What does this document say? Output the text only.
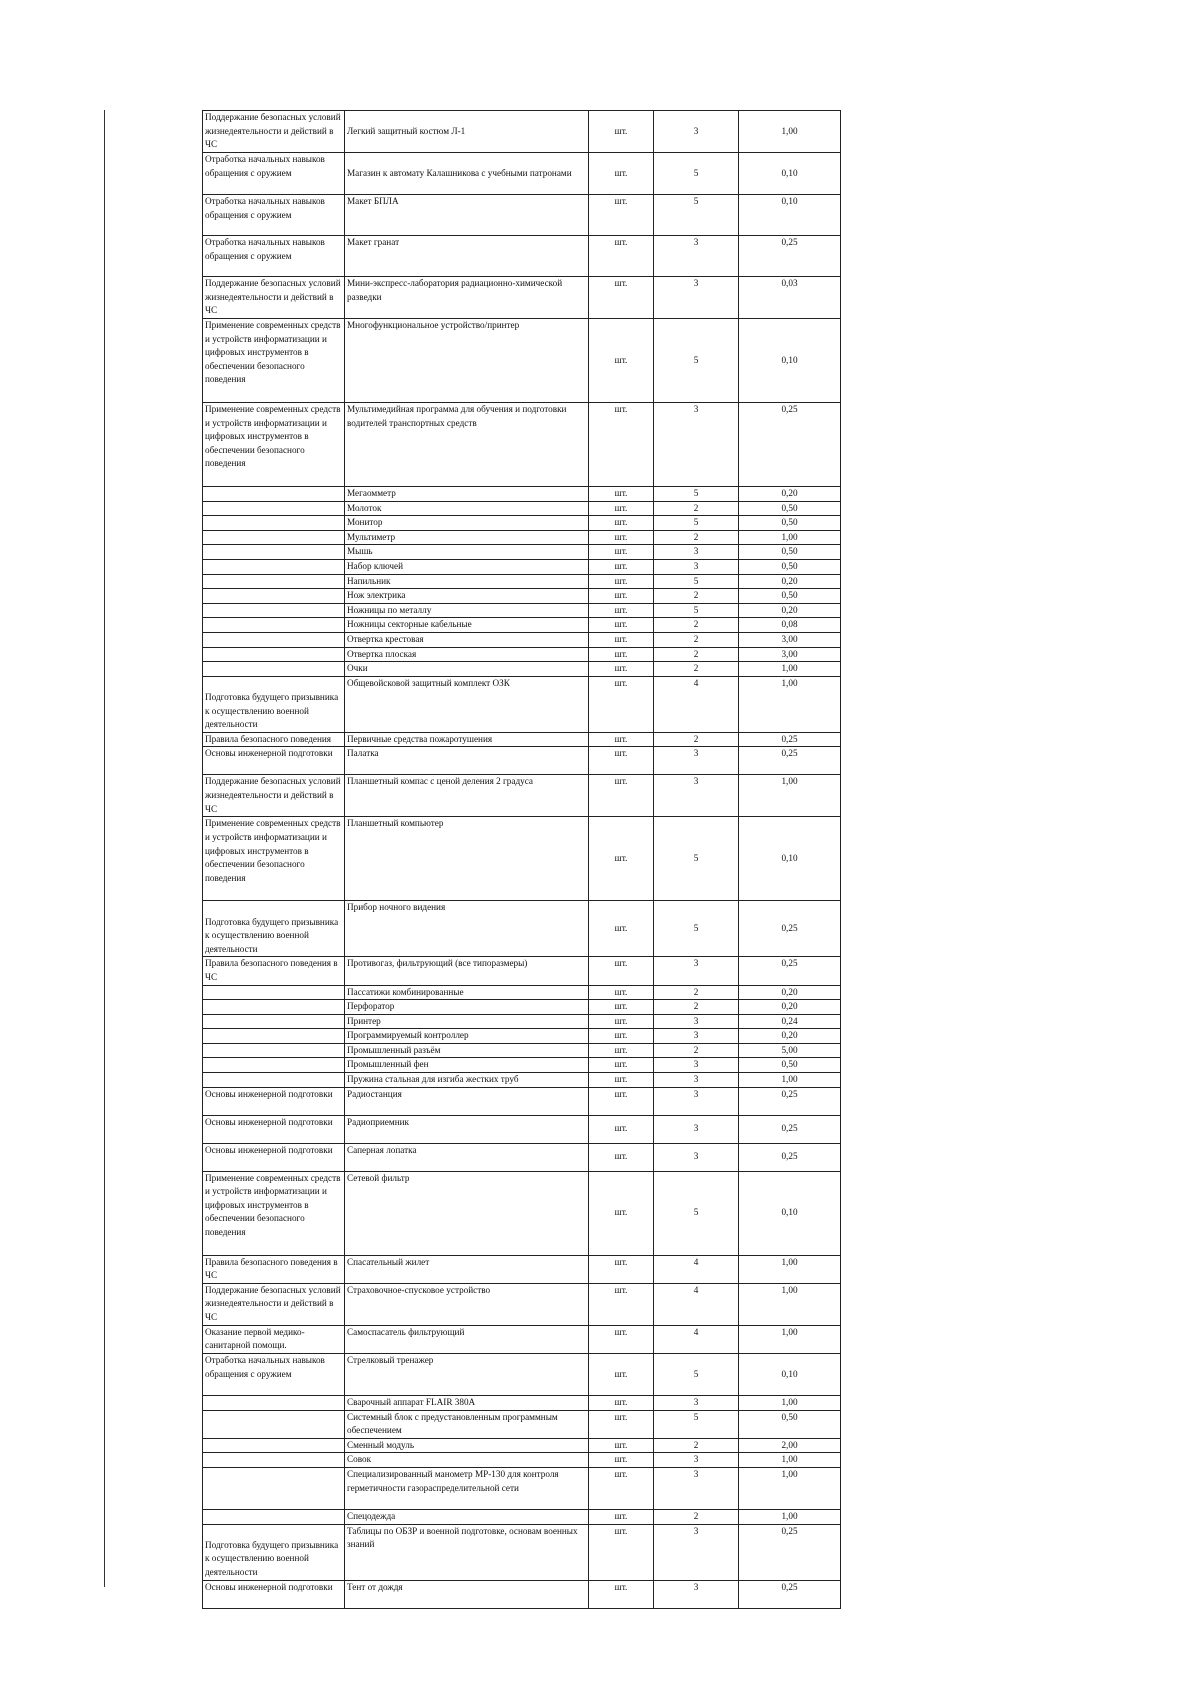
Поддержание безопасных условий жизнедеятельности и действий в ЧС	Легкий защитный костюм Л-1	шт.	3	1,00
Отработка начальных навыков обращения с оружием	Магазин к автомату Калашникова с учебными патронами	шт.	5	0,10
Отработка начальных навыков обращения с оружием	Макет БПЛА	шт.	5	0,10
Отработка начальных навыков обращения с оружием	Макет гранат	шт.	3	0,25
Поддержание безопасных условий жизнедеятельности и действий в ЧС	Мини-экспресс-лаборатория радиационно-химической разведки	шт.	3	0,03
Применение современных средств и устройств информатизации и цифровых инструментов в обеспечении безопасного поведения	Многофункциональное устройство/принтер	шт.	5	0,10
Применение современных средств и устройств информатизации и цифровых инструментов в обеспечении безопасного поведения	Мультимедийная программа для обучения и подготовки водителей транспортных средств	шт.	3	0,25
	Мегаомметр	шт.	5	0,20
	Молоток	шт.	2	0,50
	Монитор	шт.	5	0,50
	Мультиметр	шт.	2	1,00
	Мышь	шт.	3	0,50
	Набор ключей	шт.	3	0,50
	Напильник	шт.	5	0,20
	Нож электрика	шт.	2	0,50
	Ножницы по металлу	шт.	5	0,20
	Ножницы секторные кабельные	шт.	2	0,08
	Отвертка крестовая	шт.	2	3,00
	Отвертка плоская	шт.	2	3,00
	Очки	шт.	2	1,00
Подготовка будущего призывника к осуществлению военной деятельности	Общевойсковой защитный комплект ОЗК	шт.	4	1,00
Правила безопасного поведения	Первичные средства пожаротушения	шт.	2	0,25
Основы инженерной подготовки	Палатка	шт.	3	0,25
Поддержание безопасных условий жизнедеятельности и действий в ЧС	Планшетный компас с ценой деления 2 градуса	шт.	3	1,00
Применение современных средств и устройств информатизации и цифровых инструментов в обеспечении безопасного поведения	Планшетный компьютер	шт.	5	0,10
Подготовка будущего призывника к осуществлению военной деятельности	Прибор ночного видения	шт.	5	0,25
Правила безопасного поведения в ЧС	Противогаз, фильтрующий (все типоразмеры)	шт.	3	0,25
	Пассатижи комбинированные	шт.	2	0,20
	Перфоратор	шт.	2	0,20
	Принтер	шт.	3	0,24
	Программируемый контроллер	шт.	3	0,20
	Промышленный разъём	шт.	2	5,00
	Промышленный фен	шт.	3	0,50
	Пружина стальная для изгиба жестких труб	шт.	3	1,00
Основы инженерной подготовки	Радиостанция	шт.	3	0,25
Основы инженерной подготовки	Радиоприемник	шт.	3	0,25
Основы инженерной подготовки	Саперная лопатка	шт.	3	0,25
Применение современных средств и устройств информатизации и цифровых инструментов в обеспечении безопасного поведения	Сетевой фильтр	шт.	5	0,10
Правила безопасного поведения в ЧС	Спасательный жилет	шт.	4	1,00
Поддержание безопасных условий жизнедеятельности и действий в ЧС	Страховочное-спусковое устройство	шт.	4	1,00
Оказание первой медико-санитарной помощи.	Самоспасатель фильтрующий	шт.	4	1,00
Отработка начальных навыков обращения с оружием	Стрелковый тренажер	шт.	5	0,10
	Сварочный аппарат FLAIR 380A	шт.	3	1,00
	Системный блок с предустановленным программным обеспечением	шт.	5	0,50
	Сменный модуль	шт.	2	2,00
	Совок	шт.	3	1,00
	Специализированный манометр МР-130 для контроля герметичности газораспределительной сети	шт.	3	1,00
	Спецодежда	шт.	2	1,00
Подготовка будущего призывника к осуществлению военной деятельности	Таблицы по ОБЗР и военной подготовке, основам военных знаний	шт.	3	0,25
Основы инженерной подготовки	Тент от дождя	шт.	3	0,25
